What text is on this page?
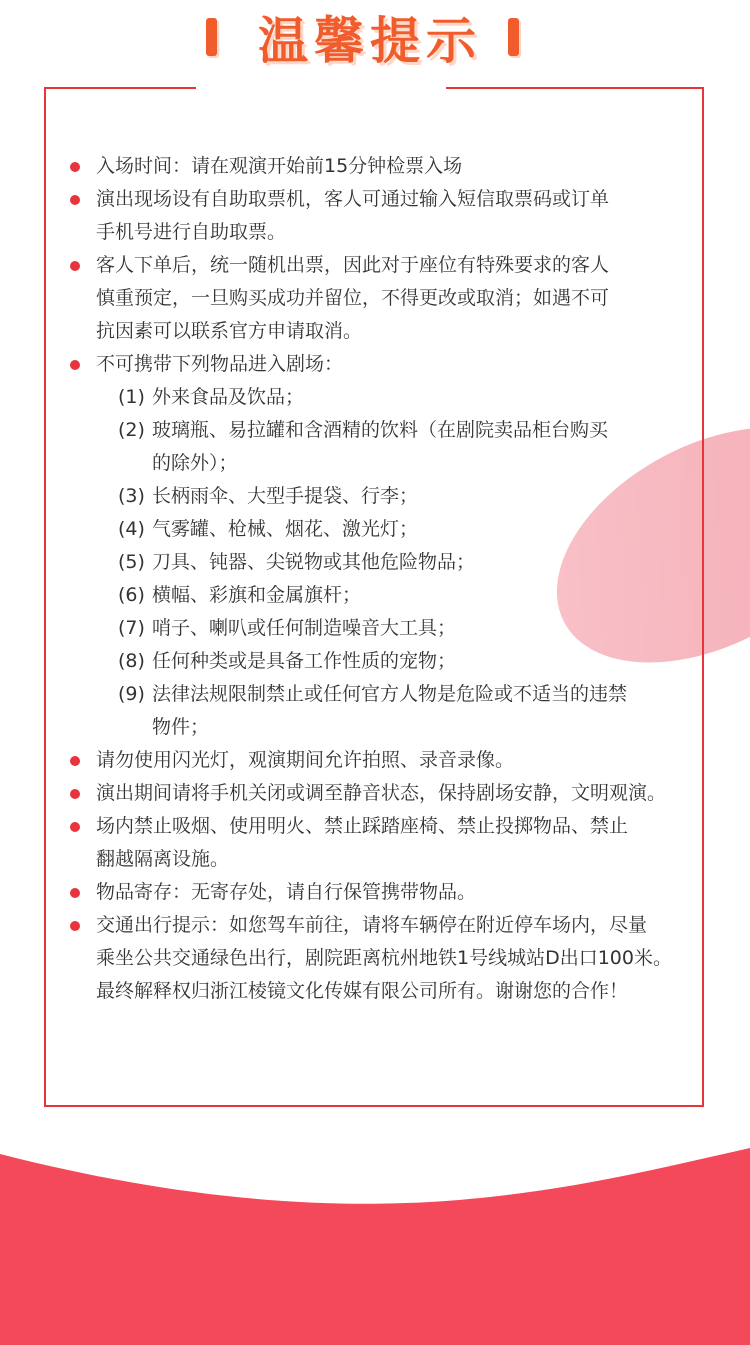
温馨提示
入场时间：请在观演开始前15分钟检票入场
演出现场设有自助取票机，客人可通过输入短信取票码或订单
手机号进行自助取票。
客人下单后，统一随机出票，因此对于座位有特殊要求的客人
慎重预定，一旦购买成功并留位，不得更改或取消；如遇不可
抗因素可以联系官方申请取消。
不可携带下列物品进入剧场：
(1) 外来食品及饮品；
(2) 玻璃瓶、易拉罐和含酒精的饮料（在剧院卖品柜台购买
的除外）；
(3) 长柄雨伞、大型手提袋、行李；
(4) 气雾罐、枪械、烟花、激光灯；
(5) 刀具、钝器、尖锐物或其他危险物品；
(6) 横幅、彩旗和金属旗杆；
(7) 哨子、喇叭或任何制造噪音大工具；
(8) 任何种类或是具备工作性质的宠物；
(9) 法律法规限制禁止或任何官方人物是危险或不适当的违禁
物件；
请勿使用闪光灯，观演期间允许拍照、录音录像。
演出期间请将手机关闭或调至静音状态，保持剧场安静，文明观演。
场内禁止吸烟、使用明火、禁止踩踏座椅、禁止投掷物品、禁止
翻越隔离设施。
物品寄存：无寄存处，请自行保管携带物品。
交通出行提示：如您驾车前往，请将车辆停在附近停车场内，尽量
乘坐公共交通绿色出行，剧院距离杭州地铁1号线城站D出口100米。
最终解释权归浙江棱镜文化传媒有限公司所有。谢谢您的合作！
